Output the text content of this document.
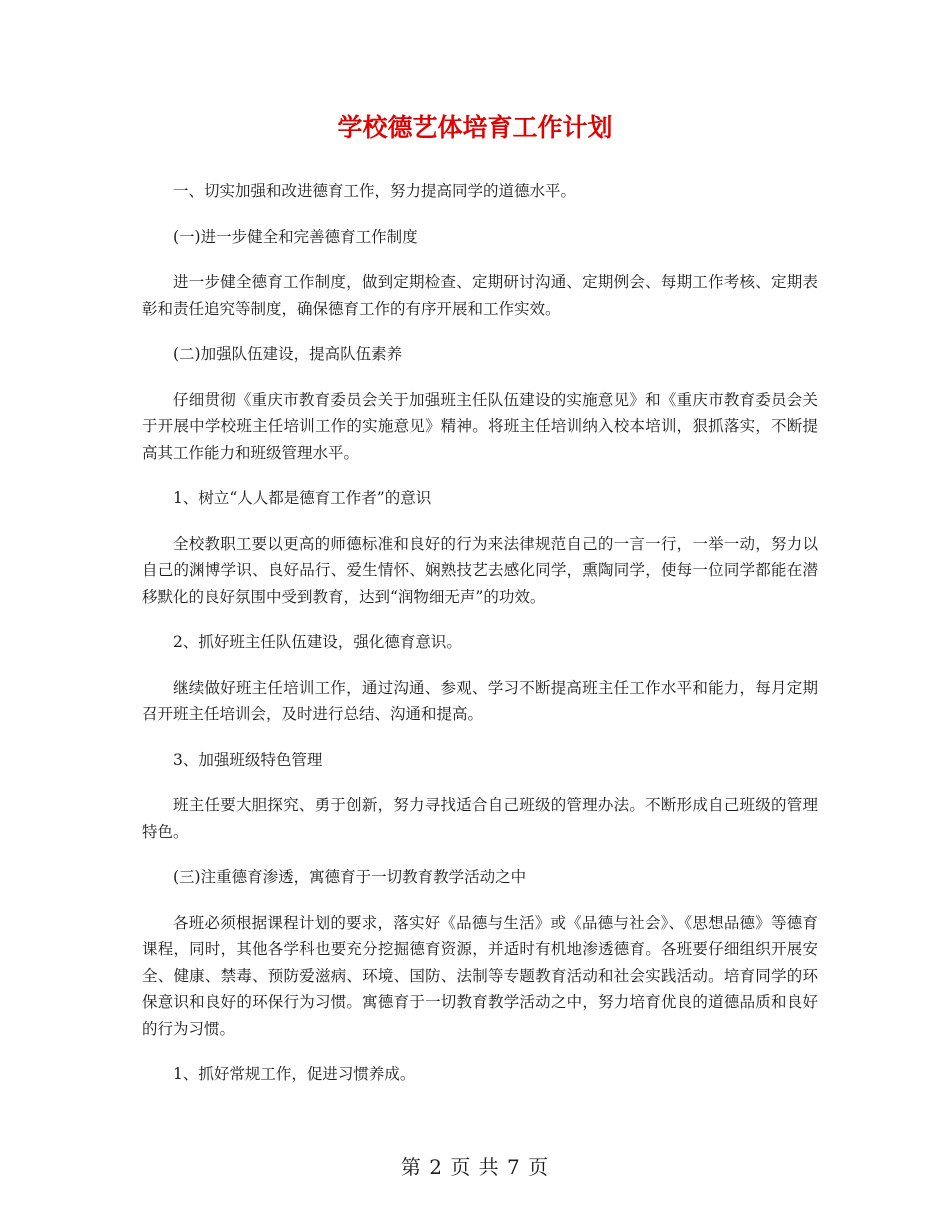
学校德艺体培育工作计划

一、切实加强和改进德育工作，努力提高同学的道德水平。

(一)进一步健全和完善德育工作制度

进一步健全德育工作制度，做到定期检查、定期研讨沟通、定期例会、每期工作考核、定期表彰和责任追究等制度，确保德育工作的有序开展和工作实效。

(二)加强队伍建设，提高队伍素养

仔细贯彻《重庆市教育委员会关于加强班主任队伍建设的实施意见》和《重庆市教育委员会关于开展中学校班主任培训工作的实施意见》精神。将班主任培训纳入校本培训，狠抓落实，不断提高其工作能力和班级管理水平。

1、树立“人人都是德育工作者”的意识

全校教职工要以更高的师德标准和良好的行为来法律规范自己的一言一行，一举一动，努力以自己的渊博学识、良好品行、爱生情怀、娴熟技艺去感化同学，熏陶同学，使每一位同学都能在潜移默化的良好氛围中受到教育，达到“润物细无声”的功效。

2、抓好班主任队伍建设，强化德育意识。

继续做好班主任培训工作，通过沟通、参观、学习不断提高班主任工作水平和能力，每月定期召开班主任培训会，及时进行总结、沟通和提高。

3、加强班级特色管理

班主任要大胆探究、勇于创新，努力寻找适合自己班级的管理办法。不断形成自己班级的管理特色。

(三)注重德育渗透，寓德育于一切教育教学活动之中

各班必须根据课程计划的要求，落实好《品德与生活》或《品德与社会》、《思想品德》等德育课程，同时，其他各学科也要充分挖掘德育资源，并适时有机地渗透德育。各班要仔细组织开展安全、健康、禁毒、预防爱滋病、环境、国防、法制等专题教育活动和社会实践活动。培育同学的环保意识和良好的环保行为习惯。寓德育于一切教育教学活动之中，努力培育优良的道德品质和良好的行为习惯。

1、抓好常规工作，促进习惯养成。

第 2 页 共 7 页
